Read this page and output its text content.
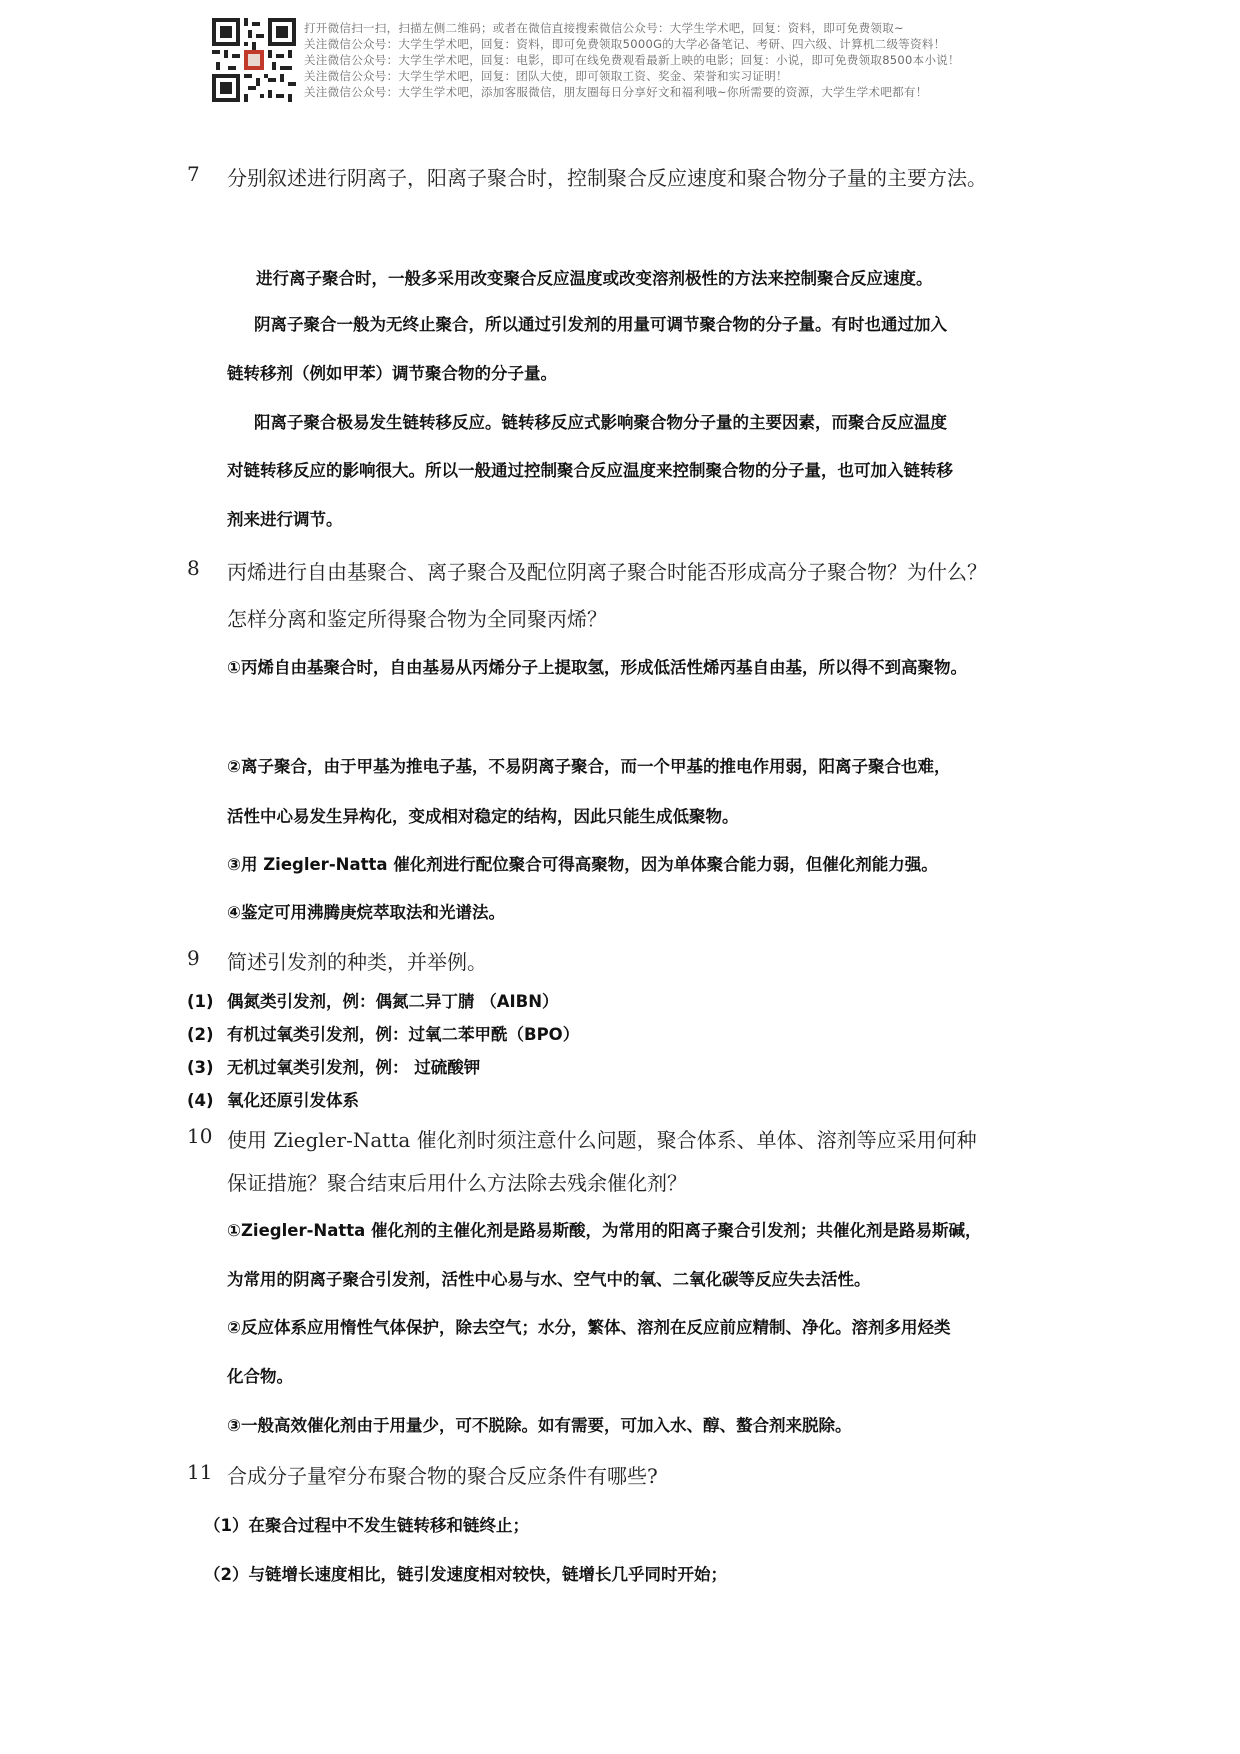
打开微信扫一扫，扫描左侧二维码；或者在微信直接搜索微信公众号：大学生学术吧，回复：资料，即可免费领取~
关注微信公众号：大学生学术吧，回复：资料，即可免费领取5000G的大学必备笔记、考研、四六级、计算机二级等资料！
关注微信公众号：大学生学术吧，回复：电影，即可在线免费观看最新上映的电影；回复：小说，即可免费领取8500本小说！
关注微信公众号：大学生学术吧，回复：团队大使，即可领取工资、奖金、荣誉和实习证明！
关注微信公众号：大学生学术吧，添加客服微信，朋友圈每日分享好文和福利哦~你所需要的资源，大学生学术吧都有！
7 分别叙述进行阴离子，阳离子聚合时，控制聚合反应速度和聚合物分子量的主要方法。
进行离子聚合时，一般多采用改变聚合反应温度或改变溶剂极性的方法来控制聚合反应速度。
阴离子聚合一般为无终止聚合，所以通过引发剂的用量可调节聚合物的分子量。有时也通过加入
链转移剂（例如甲苯）调节聚合物的分子量。
阳离子聚合极易发生链转移反应。链转移反应式影响聚合物分子量的主要因素，而聚合反应温度
对链转移反应的影响很大。所以一般通过控制聚合反应温度来控制聚合物的分子量，也可加入链转移
剂来进行调节。
8 丙烯进行自由基聚合、离子聚合及配位阴离子聚合时能否形成高分子聚合物？为什么？
怎样分离和鉴定所得聚合物为全同聚丙烯？
①丙烯自由基聚合时，自由基易从丙烯分子上提取氢，形成低活性烯丙基自由基，所以得不到高聚物。
②离子聚合，由于甲基为推电子基，不易阴离子聚合，而一个甲基的推电作用弱，阳离子聚合也难，
活性中心易发生异构化，变成相对稳定的结构，因此只能生成低聚物。
③用 Ziegler-Natta 催化剂进行配位聚合可得高聚物，因为单体聚合能力弱，但催化剂能力强。
④鉴定可用沸腾庚烷萃取法和光谱法。
9 简述引发剂的种类，并举例。
(1) 偶氮类引发剂，例：偶氮二异丁腈 （AIBN）
(2) 有机过氧类引发剂，例：过氧二苯甲酰（BPO）
(3) 无机过氧类引发剂，例： 过硫酸钾
(4) 氧化还原引发体系
10 使用 Ziegler-Natta 催化剂时须注意什么问题，聚合体系、单体、溶剂等应采用何种
保证措施？聚合结束后用什么方法除去残余催化剂？
①Ziegler-Natta 催化剂的主催化剂是路易斯酸，为常用的阳离子聚合引发剂；共催化剂是路易斯碱，
为常用的阴离子聚合引发剂，活性中心易与水、空气中的氧、二氧化碳等反应失去活性。
②反应体系应用惰性气体保护，除去空气；水分，繁体、溶剂在反应前应精制、净化。溶剂多用烃类
化合物。
③一般高效催化剂由于用量少，可不脱除。如有需要，可加入水、醇、螯合剂来脱除。
11 合成分子量窄分布聚合物的聚合反应条件有哪些?
（1）在聚合过程中不发生链转移和链终止；
（2）与链增长速度相比，链引发速度相对较快，链增长几乎同时开始；
